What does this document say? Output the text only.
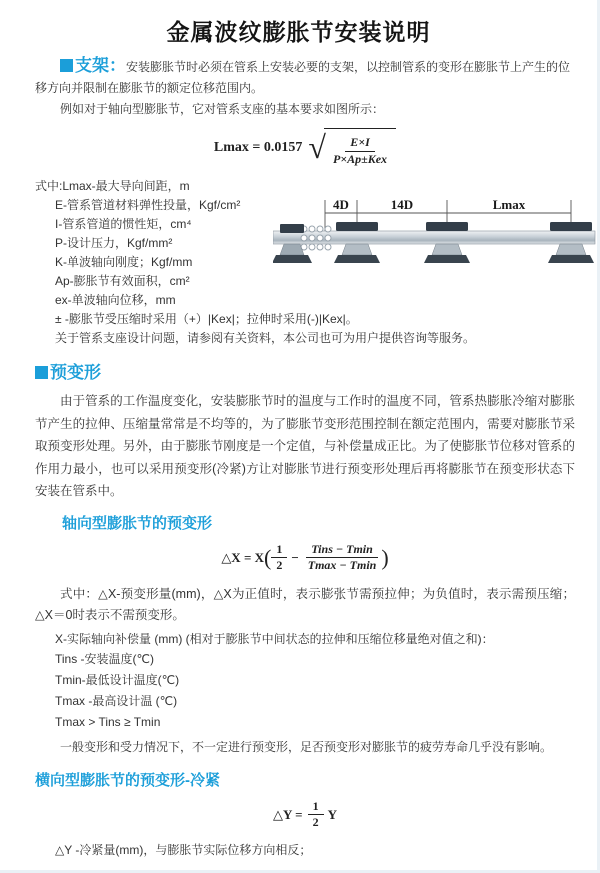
金属波纹膨胀节安装说明

支架：安装膨胀节时必须在管系上安装必要的支架，以控制管系的变形在膨胀节上产生的位移方向并限制在膨胀节的额定位移范围内。

例如对于轴向型膨胀节，它对管系支座的基本要求如图所示：

Lmax = 0.0157 √ $\frac{E\times I}{\text{P×Ap±Kex}}$
式中:Lmax-最大导向间距，m
E-管系管道材料弹性投量，Kgf/cm²
I-管系管道的惯性矩，cm⁴
P-设计压力，Kgf/mm²
K-单波轴向刚度；Kgf/mm
Ap-膨胀节有效面积，cm²
ex-单波轴向位移，mm
4D	14D	Lmax
± -膨胀节受压缩时采用（+）|Kex|；拉伸时采用(-)|Kex|。
关于管系支座设计问题，请参阅有关资料，本公司也可为用户提供咨询等服务。
预变形

由于管系的工作温度变化，安装膨胀节时的温度与工作时的温度不同，管系热膨胀冷缩对膨胀节产生的拉伸、压缩量常常是不均等的，为了膨胀节变形范围控制在额定范围内，需要对膨胀节采取预变形处理。另外，由于膨胀节刚度是一个定值，与补偿量成正比。为了使膨胀节位移对管系的作用力最小，也可以采用预变形(冷紧)方让对膨胀节进行预变形处理后再将膨胀节在预变形状态下安装在管系中。

轴向型膨胀节的预变形
△X = X ( $\frac{1}{2} - \frac{\text{Tins − Tmin}}{Tmax - Tmin}$ )

式中：△X-预变形量(mm)，△X为正值时，表示膨张节需预拉伸；为负值时，表示需预压缩；△X＝0时表示不需预变形。

X-实际轴向补偿量 (mm) (相对于膨胀节中间状态的拉伸和压缩位移量绝对值之和)：
Tins -安装温度(℃)
Tmin-最低设计温度(℃)
Tmax -最高设计温 (℃)
Tmax > Tins ≥ Tmin

一般变形和受力情况下，不一定进行预变形，足否预变形对膨胀节的疲劳寿命几乎没有影响。

横向型膨胀节的预变形-冷紧
△Y = $\frac{1}{2}$ Y
△Y -冷紧量(mm)，与膨胀节实际位移方向相反；
